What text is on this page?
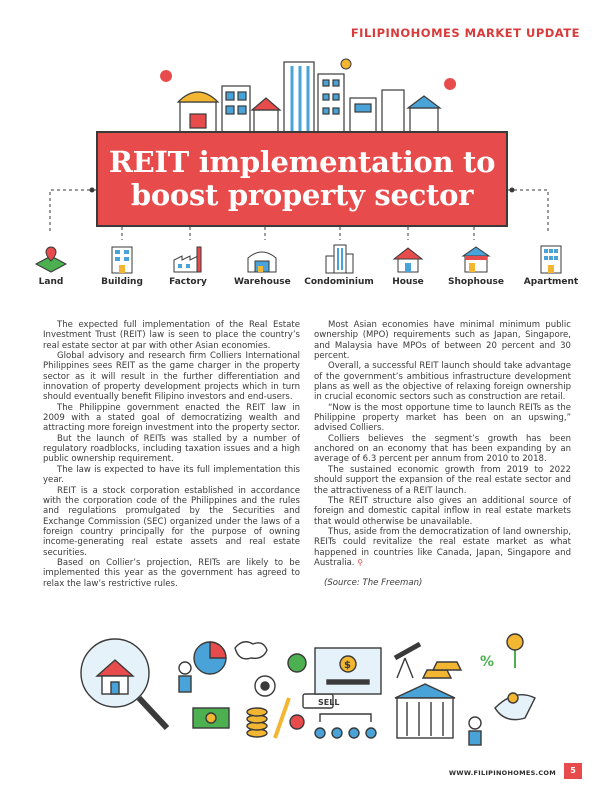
FILIPINOHOMES MARKET UPDATE
REIT implementation to
boost property sector
Land	Building	Factory	Warehouse Condominium House	Shophouse Apartment

The expected full implementation of the Real Estate Investment Trust (REIT) law is seen to place the country’s real estate sector at par with other Asian economies.

Global advisory and research firm Colliers International Philippines sees REIT as the game charger in the property sector as it will result in the further differentiation and innovation of property development projects which in turn should eventually benefit Filipino investors and end-users.

The Philippine government enacted the REIT law in 2009 with a stated goal of democratizing wealth and attracting more foreign investment into the property sector.

But the launch of REITs was stalled by a number of regulatory roadblocks, including taxation issues and a high public ownership requirement.

The law is expected to have its full implementation this year.

REIT is a stock corporation established in accordance with the corporation code of the Philippines and the rules and regulations promulgated by the Securities and Exchange Commission (SEC) organized under the laws of a foreign country principally for the purpose of owning income-generating real estate assets and real estate securities.

Based on Collier’s projection, REITs are likely to be implemented this year as the government has agreed to relax the law’s restrictive rules.

Most Asian economies have minimal minimum public ownership (MPO) requirements such as Japan, Singapore, and Malaysia have MPOs of between 20 percent and 30 percent.

Overall, a successful REIT launch should take advantage of the government’s ambitious infrastructure development plans as well as the objective of relaxing foreign ownership in crucial economic sectors such as construction are retail.

“Now is the most opportune time to launch REITs as the Philippine property market has been on an upswing,” advised Colliers.

Colliers believes the segment’s growth has been anchored on an economy that has been expanding by an average of 6.3 percent per annum from 2010 to 2018.

The sustained economic growth from 2019 to 2022 should support the expansion of the real estate sector and the attractiveness of a REIT launch.

The REIT structure also gives an additional source of foreign and domestic capital inflow in real estate markets that would otherwise be unavailable.

Thus, aside from the democratization of land ownership, REITs could revitalize the real estate market as what happened in countries like Canada, Japan, Singapore and Australia. ⚲

(Source: The Freeman)

SELL
$	%
WWW.FILIPINOHOMES.COM	5
